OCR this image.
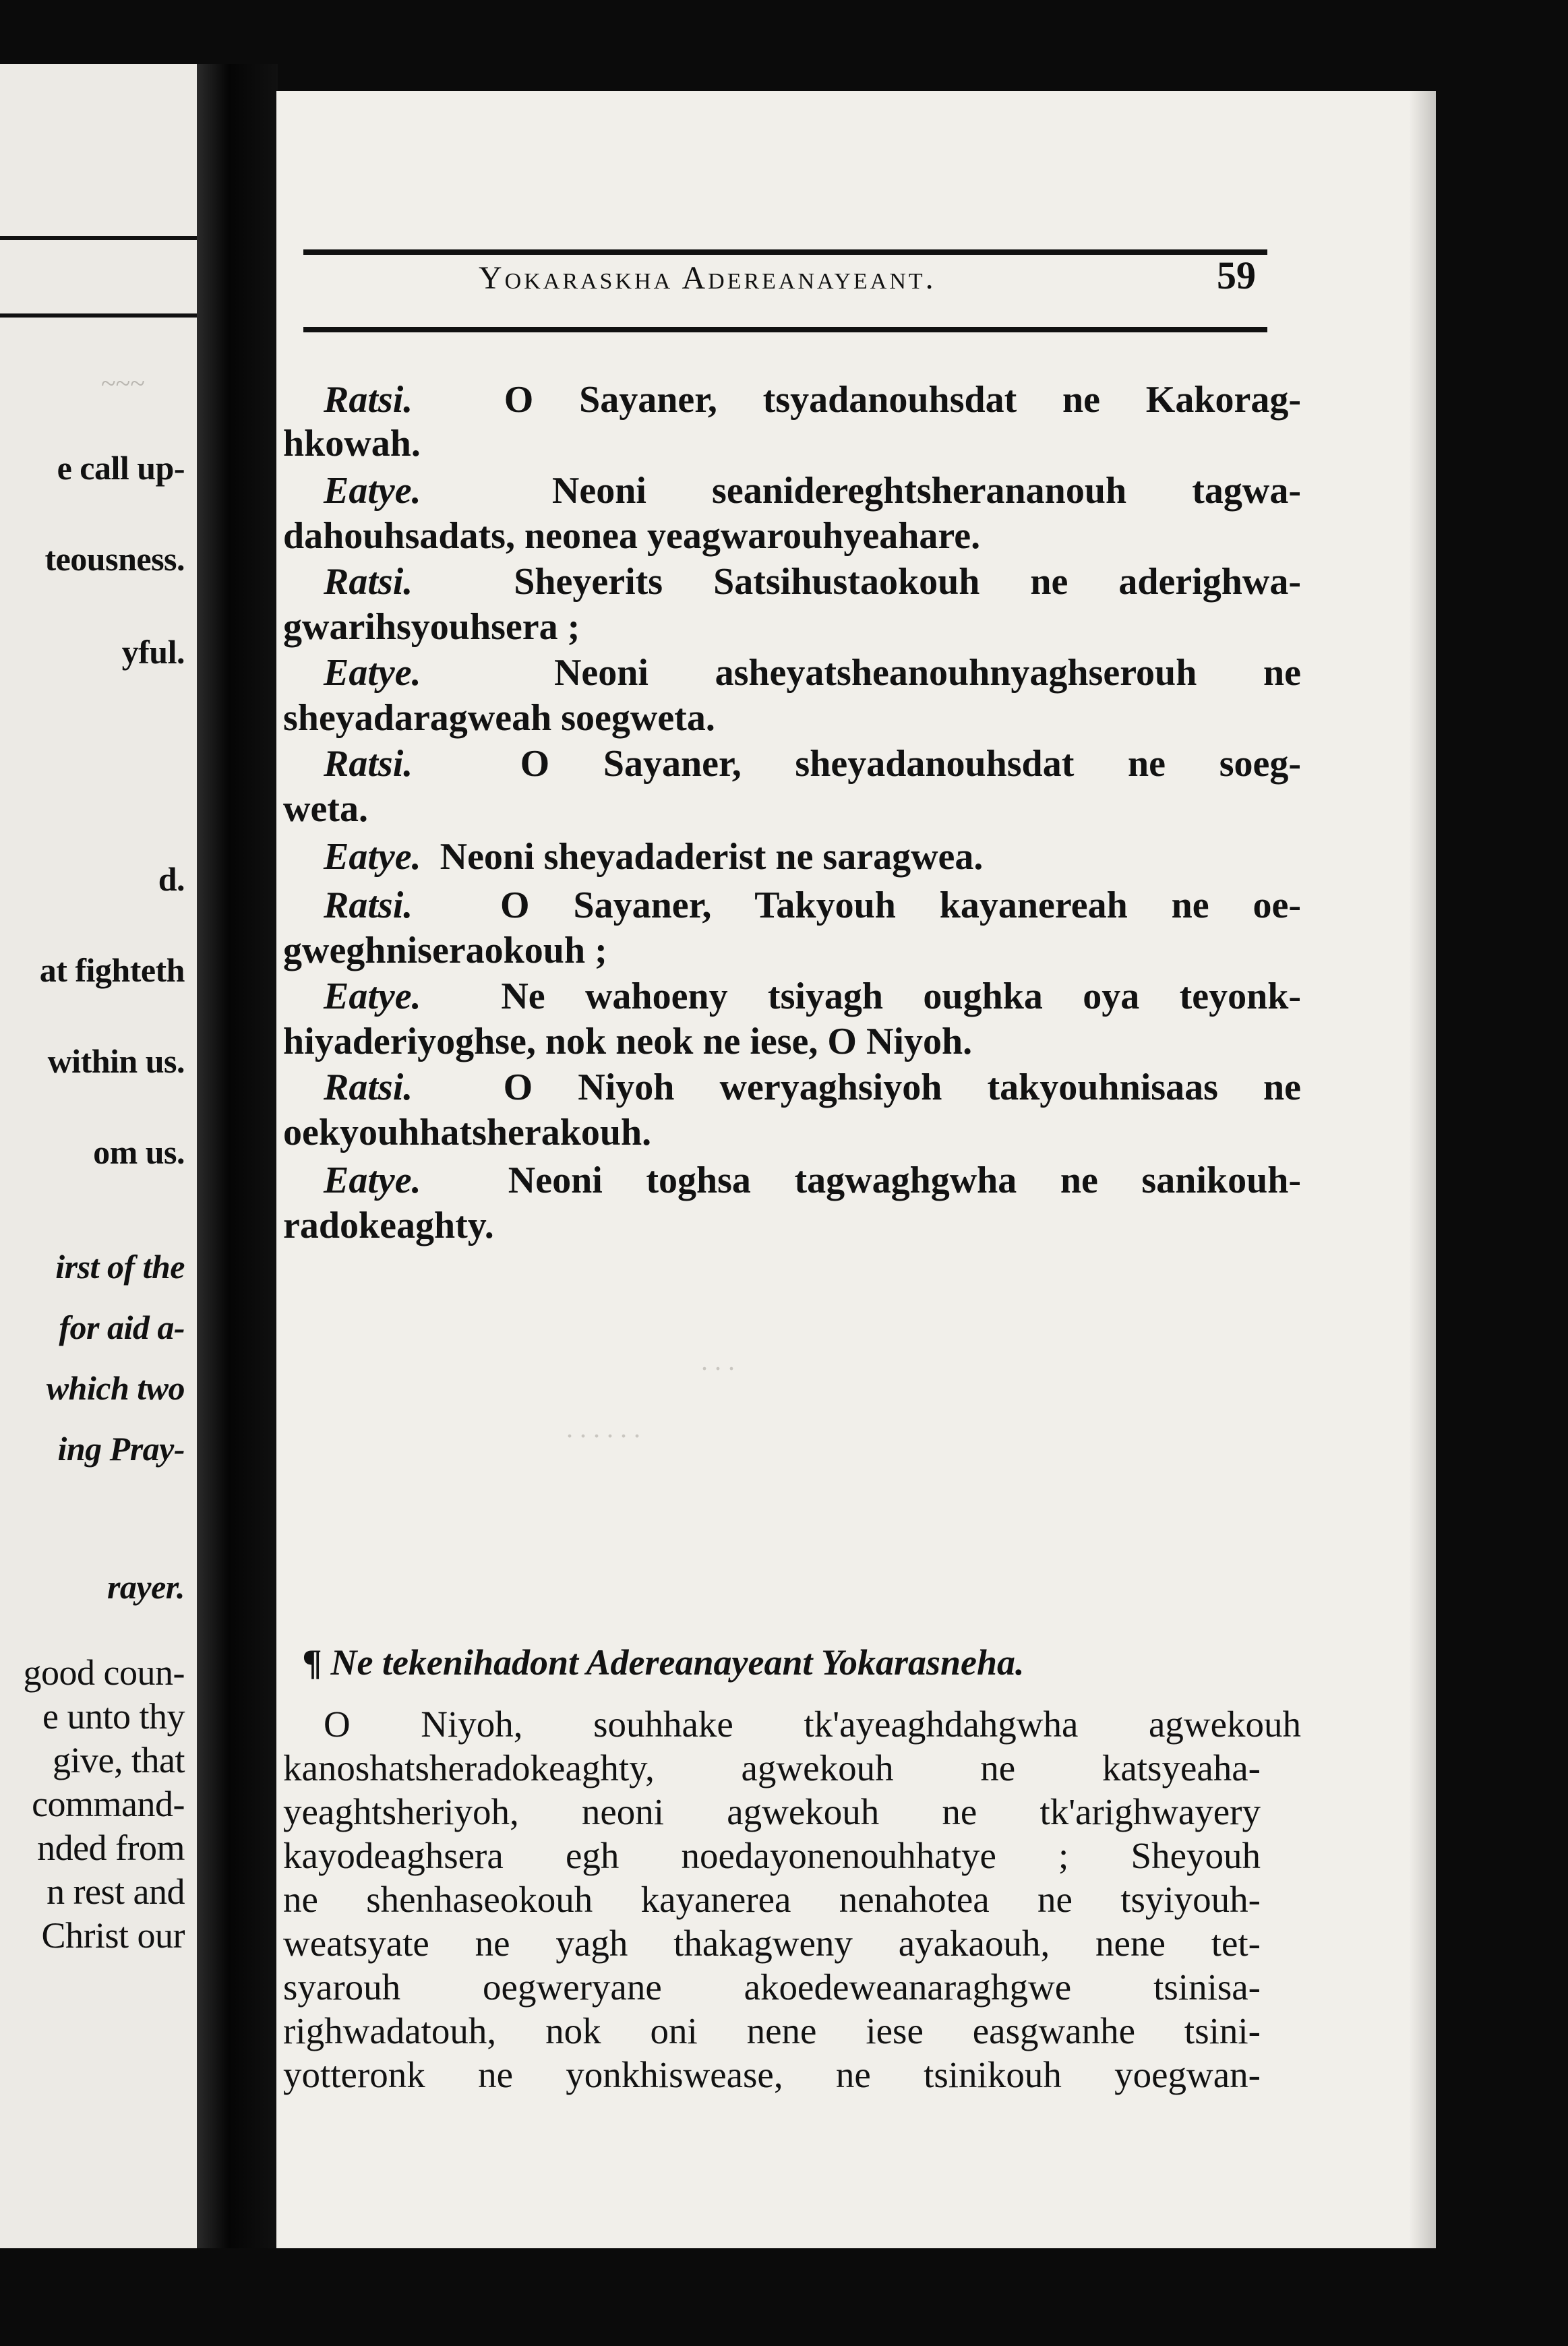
~~~
e call up-
teousness.
yful.
d.
at fighteth
within us.
om us.
irst of the
for aid a-
which two
ing Pray-
rayer.
good coun-
e unto thy
give, that
command-
nded from
n rest and
Christ our
Yokaraskha Adereanayeant.	59
Ratsi. O Sayaner, tsyadanouhsdat ne Kakorag-
hkowah.
Eatye.	Neoni seanidereghtsherananouh tagwa-
dahouhsadats, neonea yeagwarouhyeahare.
Ratsi.	Sheyerits Satsihustaokouh ne aderighwa-
gwarihsyouhsera ;
Eatye.	Neoni asheyatsheanouhnyaghserouh ne
sheyadaragweah soegweta.
Ratsi.	O Sayaner, sheyadanouhsdat ne soeg-
weta.
Eatye. Neoni sheyadaderist ne saragwea.
Ratsi. O Sayaner, Takyouh kayanereah ne oe-
gweghniseraokouh ;
Eatye. Ne wahoeny tsiyagh oughka oya teyonk-
hiyaderiyoghse, nok neok ne iese, O Niyoh.
Ratsi. O Niyoh weryaghsiyoh takyouhnisaas ne
oekyouhhatsherakouh.
Eatye. Neoni toghsa tagwaghgwha ne sanikouh-
radokeaghty.
. . .
. . . . . .
¶ Ne tekenihadont Adereanayeant Yokarasneha.
O Niyoh, souhhake tk'ayeaghdahgwha agwekouh
kanoshatsheradokeaghty, agwekouh ne katsyeaha-
yeaghtsheriyoh, neoni agwekouh ne tk'arighwayery
kayodeaghsera egh noedayonenouhhatye ; Sheyouh
ne shenhaseokouh kayanerea nenahotea ne tsyiyouh-
weatsyate ne yagh thakagweny ayakaouh, nene tet-
syarouh oegweryane akoedeweanaraghgwe tsinisa-
righwadatouh, nok oni nene iese easgwanhe tsini-
yotteronk ne yonkhiswease, ne tsinikouh yoegwan-
